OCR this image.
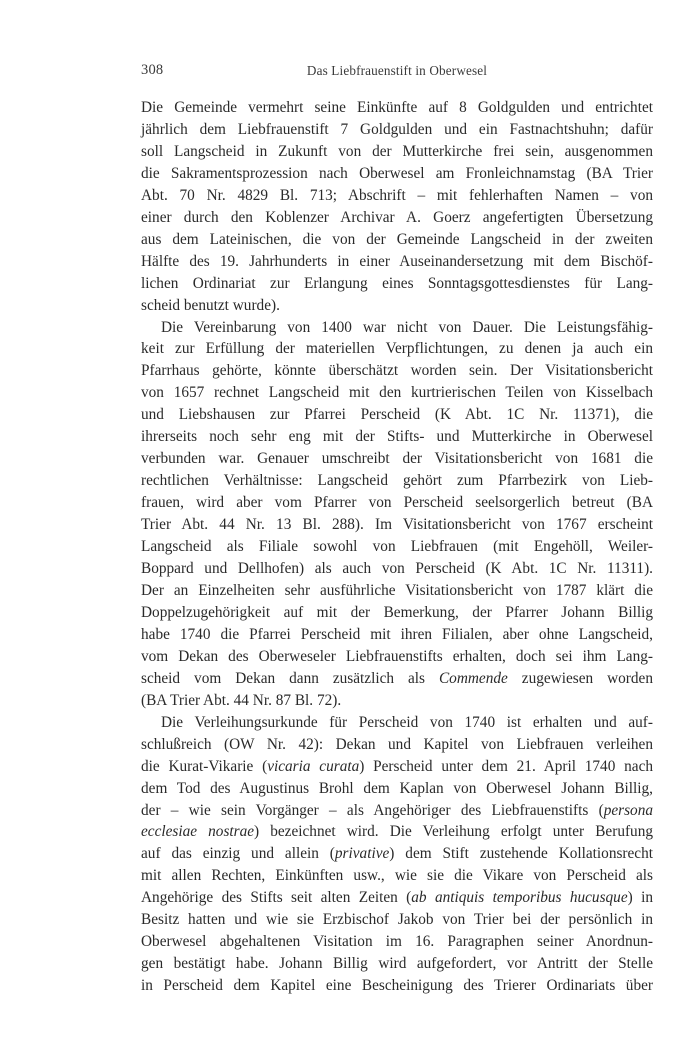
308	Das Liebfrauenstift in Oberwesel

Die Gemeinde vermehrt seine Einkünfte auf 8 Goldgulden und entrichtet
jährlich dem Liebfrauenstift 7 Goldgulden und ein Fastnachtshuhn; dafür
soll Langscheid in Zukunft von der Mutterkirche frei sein, ausgenommen
die Sakramentsprozession nach Oberwesel am Fronleichnamstag (BA Trier
Abt. 70 Nr. 4829 Bl. 713; Abschrift – mit fehlerhaften Namen – von
einer durch den Koblenzer Archivar A. Goerz angefertigten Übersetzung
aus dem Lateinischen, die von der Gemeinde Langscheid in der zweiten
Hälfte des 19. Jahrhunderts in einer Auseinandersetzung mit dem Bischöf-
lichen Ordinariat zur Erlangung eines Sonntagsgottesdienstes für Lang-
scheid benutzt wurde).

Die Vereinbarung von 1400 war nicht von Dauer. Die Leistungsfähig-
keit zur Erfüllung der materiellen Verpflichtungen, zu denen ja auch ein
Pfarrhaus gehörte, könnte überschätzt worden sein. Der Visitationsbericht
von 1657 rechnet Langscheid mit den kurtrierischen Teilen von Kisselbach
und Liebshausen zur Pfarrei Perscheid (K Abt. 1C Nr. 11371), die
ihrerseits noch sehr eng mit der Stifts- und Mutterkirche in Oberwesel
verbunden war. Genauer umschreibt der Visitationsbericht von 1681 die
rechtlichen Verhältnisse: Langscheid gehört zum Pfarrbezirk von Lieb-
frauen, wird aber vom Pfarrer von Perscheid seelsorgerlich betreut (BA
Trier Abt. 44 Nr. 13 Bl. 288). Im Visitationsbericht von 1767 erscheint
Langscheid als Filiale sowohl von Liebfrauen (mit Engehöll, Weiler-
Boppard und Dellhofen) als auch von Perscheid (K Abt. 1C Nr. 11311).
Der an Einzelheiten sehr ausführliche Visitationsbericht von 1787 klärt die
Doppelzugehörigkeit auf mit der Bemerkung, der Pfarrer Johann Billig
habe 1740 die Pfarrei Perscheid mit ihren Filialen, aber ohne Langscheid,
vom Dekan des Oberweseler Liebfrauenstifts erhalten, doch sei ihm Lang-
scheid vom Dekan dann zusätzlich als Commende zugewiesen worden
(BA Trier Abt. 44 Nr. 87 Bl. 72).

Die Verleihungsurkunde für Perscheid von 1740 ist erhalten und auf-
schlußreich (OW Nr. 42): Dekan und Kapitel von Liebfrauen verleihen
die Kurat-Vikarie (vicaria curata) Perscheid unter dem 21. April 1740 nach
dem Tod des Augustinus Brohl dem Kaplan von Oberwesel Johann Billig,
der – wie sein Vorgänger – als Angehöriger des Liebfrauenstifts (persona
ecclesiae nostrae) bezeichnet wird. Die Verleihung erfolgt unter Berufung
auf das einzig und allein (privative) dem Stift zustehende Kollationsrecht
mit allen Rechten, Einkünften usw., wie sie die Vikare von Perscheid als
Angehörige des Stifts seit alten Zeiten (ab antiquis temporibus hucusque) in
Besitz hatten und wie sie Erzbischof Jakob von Trier bei der persönlich in
Oberwesel abgehaltenen Visitation im 16. Paragraphen seiner Anordnun-
gen bestätigt habe. Johann Billig wird aufgefordert, vor Antritt der Stelle
in Perscheid dem Kapitel eine Bescheinigung des Trierer Ordinariats über
